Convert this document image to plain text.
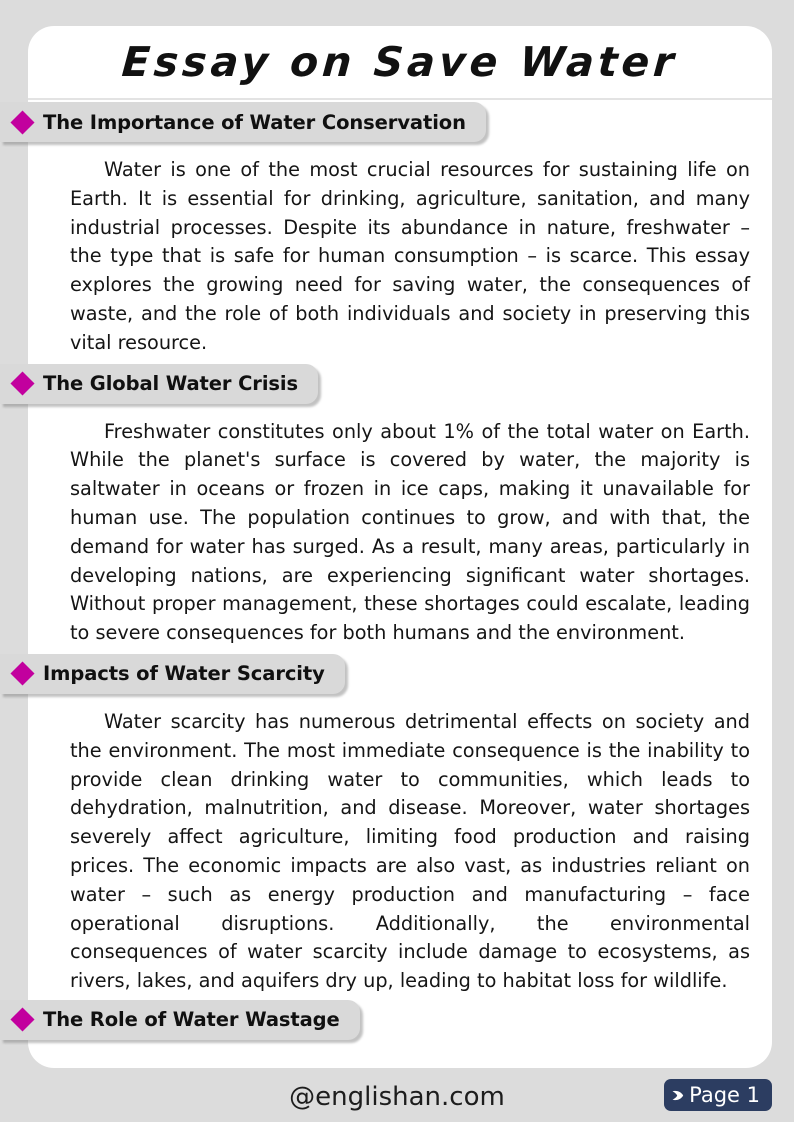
Essay on Save Water
The Importance of Water Conservation

Water is one of the most crucial resources for sustaining life on Earth. It is essential for drinking, agriculture, sanitation, and many industrial processes. Despite its abundance in nature, freshwater – the type that is safe for human consumption – is scarce. This essay explores the growing need for saving water, the consequences of waste, and the role of both individuals and society in preserving this vital resource.

The Global Water Crisis

Freshwater constitutes only about 1% of the total water on Earth. While the planet's surface is covered by water, the majority is saltwater in oceans or frozen in ice caps, making it unavailable for human use. The population continues to grow, and with that, the demand for water has surged. As a result, many areas, particularly in developing nations, are experiencing significant water shortages. Without proper management, these shortages could escalate, leading to severe consequences for both humans and the environment.

Impacts of Water Scarcity

Water scarcity has numerous detrimental effects on society and the environment. The most immediate consequence is the inability to provide clean drinking water to communities, which leads to dehydration, malnutrition, and disease. Moreover, water shortages severely affect agriculture, limiting food production and raising prices. The economic impacts are also vast, as industries reliant on water – such as energy production and manufacturing – face operational disruptions. Additionally, the environmental consequences of water scarcity include damage to ecosystems, as rivers, lakes, and aquifers dry up, leading to habitat loss for wildlife.

The Role of Water Wastage
@englishan.com	Page 1
